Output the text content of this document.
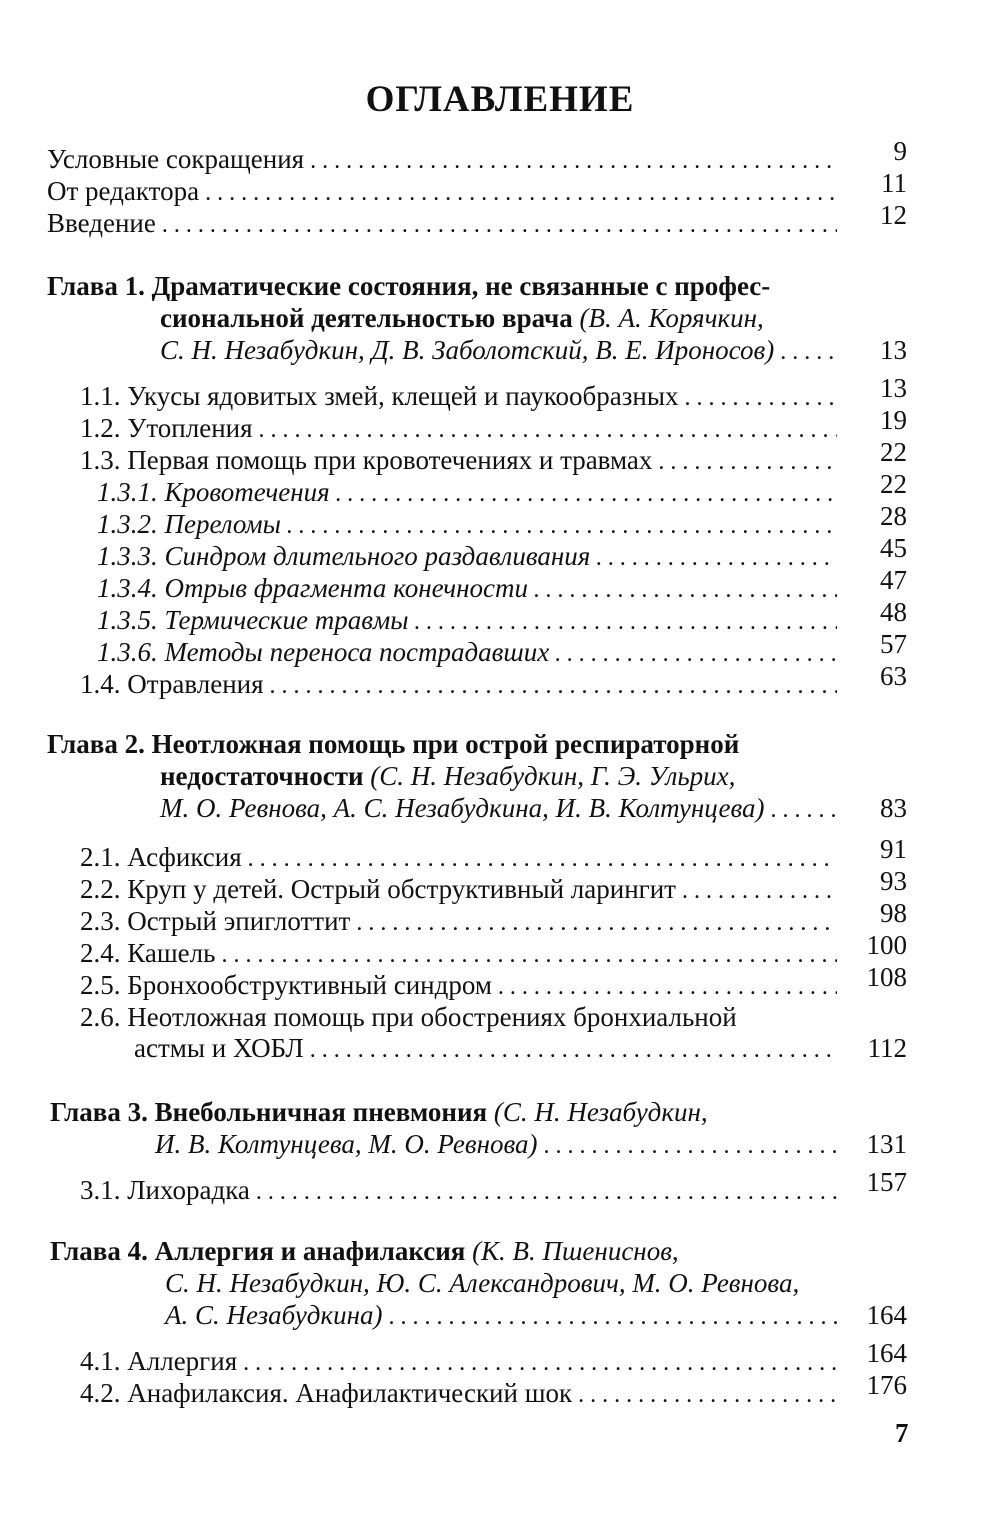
ОГЛАВЛЕНИЕ
Условные сокращения . . .	9
От редактора . . .	11
Введение . . .	12
Глава 1. Драматические состояния, не связанные с профес-
сиональной деятельностью врача (В. А. Корячкин,
С. Н. Незабудкин, Д. В. Заболотский, В. Е. Ироносов) . . .	13
1.1. Укусы ядовитых змей, клещей и паукообразных . . .	13
1.2. Утопления . . .	19
1.3. Первая помощь при кровотечениях и травмах . . .	22
1.3.1. Кровотечения . . .	22
1.3.2. Переломы . . .	28
1.3.3. Синдром длительного раздавливания . . .	45
1.3.4. Отрыв фрагмента конечности . . .	47
1.3.5. Термические травмы . . .	48
1.3.6. Методы переноса пострадавших . . .	57
1.4. Отравления . . .	63
Глава 2. Неотложная помощь при острой респираторной
недостаточности (С. Н. Незабудкин, Г. Э. Ульрих,
М. О. Ревнова, А. С. Незабудкина, И. В. Колтунцева) . . .	83
2.1. Асфиксия . . .	91
2.2. Круп у детей. Острый обструктивный ларингит . . .	93
2.3. Острый эпиглоттит . . .	98
2.4. Кашель . . .	100
2.5. Бронхообструктивный синдром . . .	108
2.6. Неотложная помощь при обострениях бронхиальной
астмы и ХОБЛ . . .	112
Глава 3. Внебольничная пневмония (С. Н. Незабудкин,
И. В. Колтунцева, М. О. Ревнова) . . .	131
3.1. Лихорадка . . .	157
Глава 4. Аллергия и анафилаксия (К. В. Пшениснов,
С. Н. Незабудкин, Ю. С. Александрович, М. О. Ревнова,
А. С. Незабудкина) . . .	164
4.1. Аллергия . . .	164
4.2. Анафилаксия. Анафилактический шок . . .	176
7
